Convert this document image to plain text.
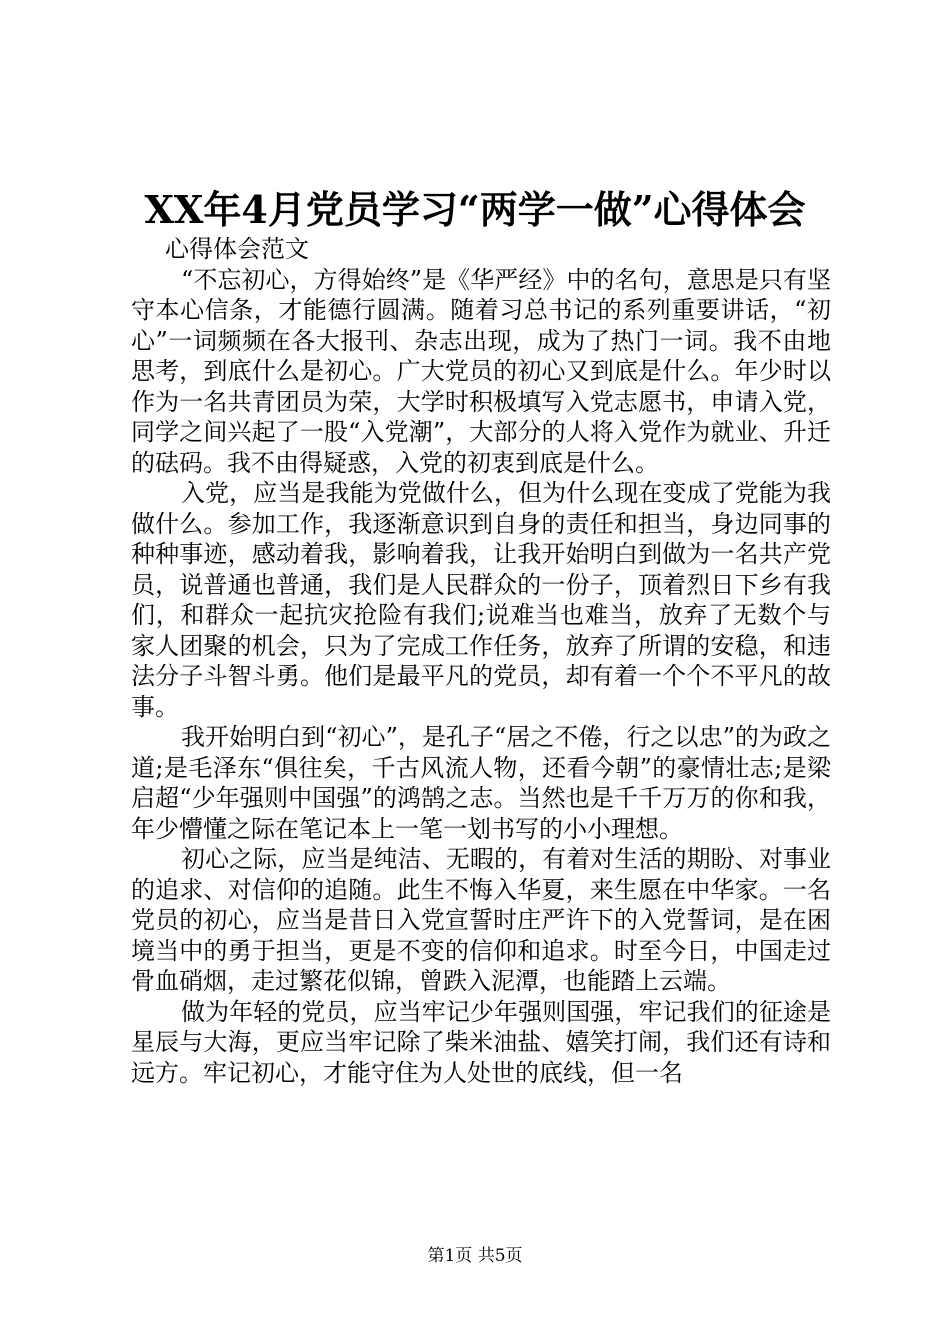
XX年4月党员学习“两学一做”心得体会

心得体会范文

“不忘初心，方得始终”是《华严经》中的名句，意思是只有坚守本心信条，才能德行圆满。随着习总书记的系列重要讲话，“初心”一词频频在各大报刊、杂志出现，成为了热门一词。我不由地思考，到底什么是初心。广大党员的初心又到底是什么。年少时以作为一名共青团员为荣，大学时积极填写入党志愿书，申请入党，同学之间兴起了一股“入党潮”，大部分的人将入党作为就业、升迁的砝码。我不由得疑惑，入党的初衷到底是什么。

入党，应当是我能为党做什么，但为什么现在变成了党能为我做什么。参加工作，我逐渐意识到自身的责任和担当，身边同事的种种事迹，感动着我，影响着我，让我开始明白到做为一名共产党员，说普通也普通，我们是人民群众的一份子，顶着烈日下乡有我们，和群众一起抗灾抢险有我们;说难当也难当，放弃了无数个与家人团聚的机会，只为了完成工作任务，放弃了所谓的安稳，和违法分子斗智斗勇。他们是最平凡的党员，却有着一个个不平凡的故事。

我开始明白到“初心”，是孔子“居之不倦，行之以忠”的为政之道;是毛泽东“俱往矣，千古风流人物，还看今朝”的豪情壮志;是梁启超“少年强则中国强”的鸿鹄之志。当然也是千千万万的你和我，年少懵懂之际在笔记本上一笔一划书写的小小理想。

初心之际，应当是纯洁、无暇的，有着对生活的期盼、对事业的追求、对信仰的追随。此生不悔入华夏，来生愿在中华家。一名党员的初心，应当是昔日入党宣誓时庄严许下的入党誓词，是在困境当中的勇于担当，更是不变的信仰和追求。时至今日，中国走过骨血硝烟，走过繁花似锦，曾跌入泥潭，也能踏上云端。

做为年轻的党员，应当牢记少年强则国强，牢记我们的征途是星辰与大海，更应当牢记除了柴米油盐、嬉笑打闹，我们还有诗和远方。牢记初心，才能守住为人处世的底线，但一名

第1页 共5页
